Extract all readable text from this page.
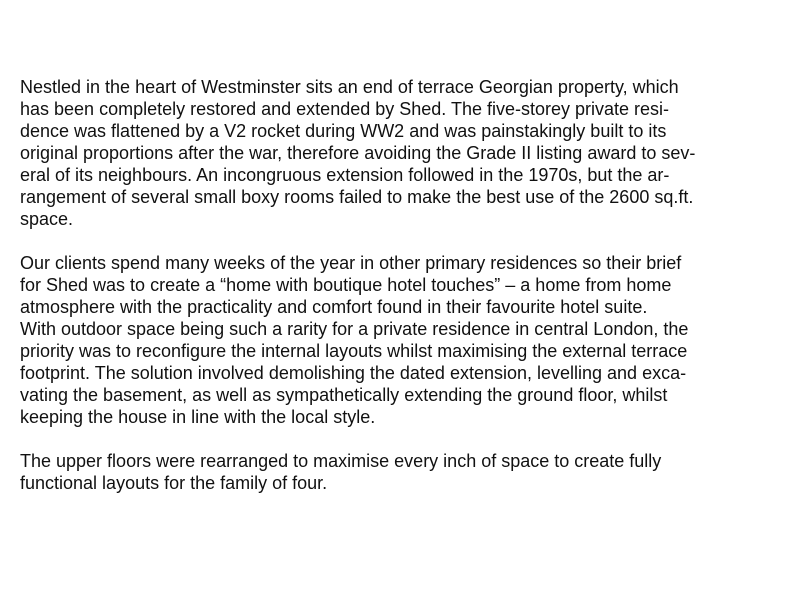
Nestled in the heart of Westminster sits an end of terrace Georgian property, which
has been completely restored and extended by Shed. The five-storey private resi-
dence was flattened by a V2 rocket during WW2 and was painstakingly built to its
original proportions after the war, therefore avoiding the Grade II listing award to sev-
eral of its neighbours. An incongruous extension followed in the 1970s, but the ar-
rangement of several small boxy rooms failed to make the best use of the 2600 sq.ft.
space.

Our clients spend many weeks of the year in other primary residences so their brief
for Shed was to create a “home with boutique hotel touches” – a home from home
atmosphere with the practicality and comfort found in their favourite hotel suite.
With outdoor space being such a rarity for a private residence in central London, the
priority was to reconfigure the internal layouts whilst maximising the external terrace
footprint. The solution involved demolishing the dated extension, levelling and exca-
vating the basement, as well as sympathetically extending the ground floor, whilst
keeping the house in line with the local style.

The upper floors were rearranged to maximise every inch of space to create fully
functional layouts for the family of four.
